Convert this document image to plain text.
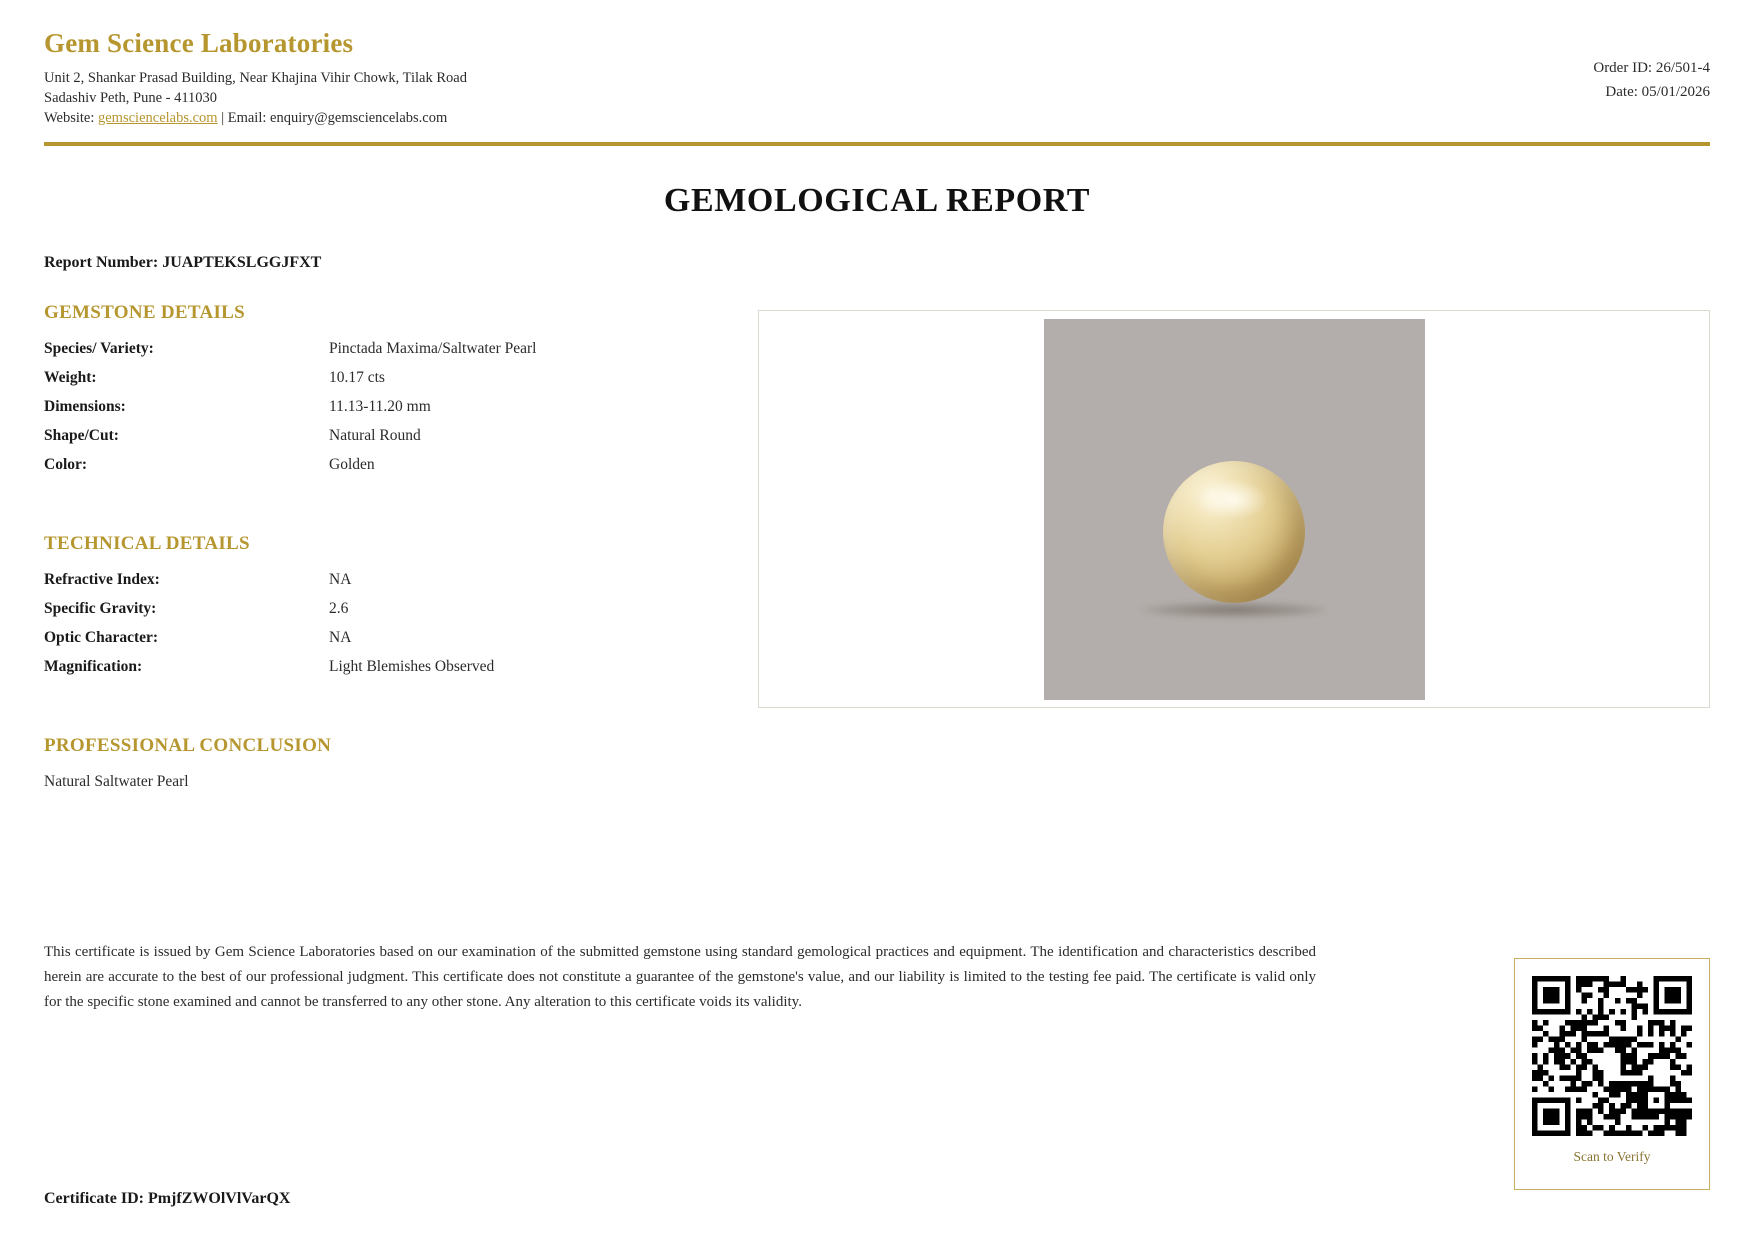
Gem Science Laboratories
Unit 2, Shankar Prasad Building, Near Khajina Vihir Chowk, Tilak Road
Sadashiv Peth, Pune - 411030
Website: gemsciencelabs.com | Email: enquiry@gemsciencelabs.com
Order ID: 26/501-4
Date: 05/01/2026
GEMOLOGICAL REPORT
Report Number: JUAPTEKSLGGJFXT
GEMSTONE DETAILS
Species/ Variety:	Pinctada Maxima/Saltwater Pearl
Weight:	10.17 cts
Dimensions:	11.13-11.20 mm
Shape/Cut:	Natural Round
Color:	Golden
TECHNICAL DETAILS
Refractive Index:	NA
Specific Gravity:	2.6
Optic Character:	NA
Magnification:	Light Blemishes Observed
PROFESSIONAL CONCLUSION
Natural Saltwater Pearl
This certificate is issued by Gem Science Laboratories based on our examination of the submitted gemstone using standard gemological practices and equipment. The identification and characteristics described herein are accurate to the best of our professional judgment. This certificate does not constitute a guarantee of the gemstone's value, and our liability is limited to the testing fee paid. The certificate is valid only for the specific stone examined and cannot be transferred to any other stone. Any alteration to this certificate voids its validity.
Scan to Verify
Certificate ID: PmjfZWOlVlVarQX
